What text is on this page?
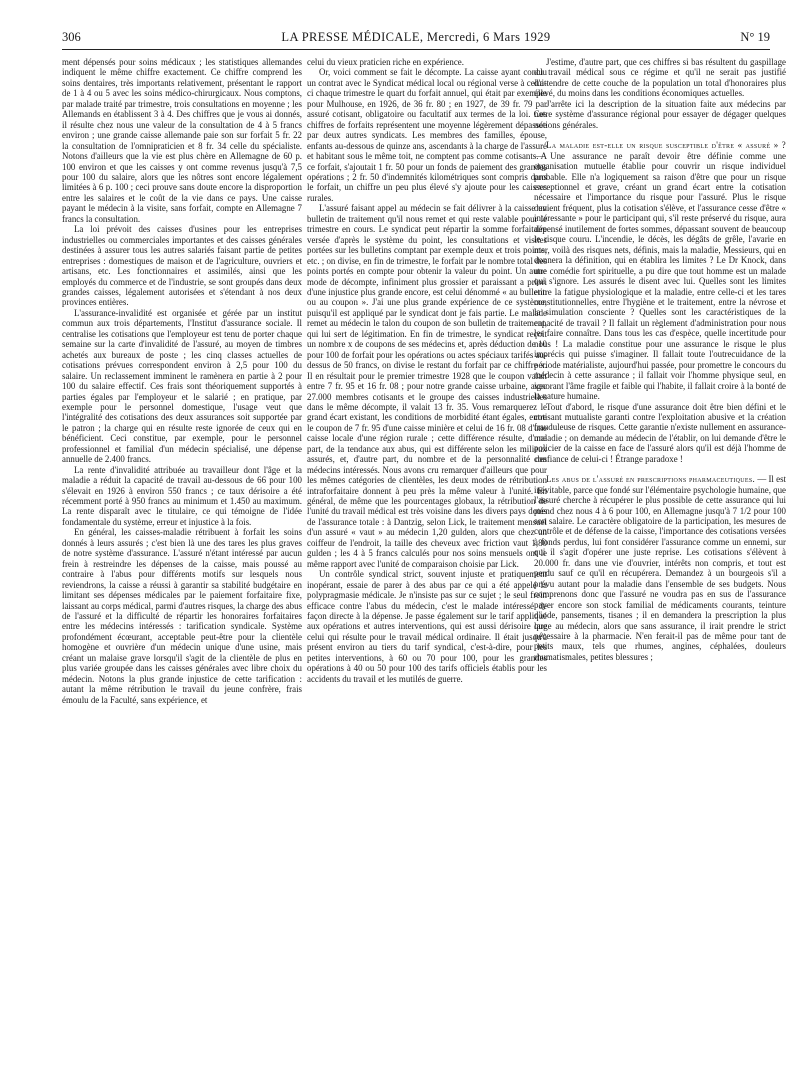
306	LA PRESSE MÉDICALE, Mercredi, 6 Mars 1929	N° 19

ment dépensés pour soins médicaux ; les statistiques allemandes indiquent le même chiffre exactement. Ce chiffre comprend les soins dentaires, très importants relativement, présentant le rapport de 1 à 4 ou 5 avec les soins médico-chirurgicaux. Nous comptons, par malade traité par trimestre, trois consultations en moyenne ; les Allemands en établissent 3 à 4. Des chiffres que je vous ai donnés, il résulte chez nous une valeur de la consultation de 4 à 5 francs environ ; une grande caisse allemande paie son sur forfait 5 fr. 22 la consultation de l'omnipraticien et 8 fr. 34 celle du spécialiste. Notons d'ailleurs que la vie est plus chère en Allemagne de 60 p. 100 environ et que les caisses y ont comme revenus jusqu'à 7,5 pour 100 du salaire, alors que les nôtres sont encore légalement limitées à 6 p. 100 ; ceci prouve sans doute encore la disproportion entre les salaires et le coût de la vie dans ce pays. Une caisse payant le médecin à la visite, sans forfait, compte en Allemagne 7 francs la consultation.

La loi prévoit des caisses d'usines pour les entreprises industrielles ou commerciales importantes et des caisses générales destinées à assurer tous les autres salariés faisant partie de petites entreprises : domestiques de maison et de l'agriculture, ouvriers et artisans, etc. Les fonctionnaires et assimilés, ainsi que les employés du commerce et de l'industrie, se sont groupés dans deux grandes caisses, légalement autorisées et s'étendant à nos deux provinces entières.

L'assurance-invalidité est organisée et gérée par un institut commun aux trois départements, l'Institut d'assurance sociale. Il centralise les cotisations que l'employeur est tenu de porter chaque semaine sur la carte d'invalidité de l'assuré, au moyen de timbres achetés aux bureaux de poste ; les cinq classes actuelles de cotisations prévues correspondent environ à 2,5 pour 100 du salaire. Un reclassement imminent le ramènera en partie à 2 pour 100 du salaire effectif. Ces frais sont théoriquement supportés à parties égales par l'employeur et le salarié ; en pratique, par exemple pour le personnel domestique, l'usage veut que l'intégralité des cotisations des deux assurances soit supportée par le patron ; la charge qui en résulte reste ignorée de ceux qui en bénéficient. Ceci constitue, par exemple, pour le personnel professionnel et familial d'un médecin spécialisé, une dépense annuelle de 2.400 francs.

La rente d'invalidité attribuée au travailleur dont l'âge et la maladie a réduit la capacité de travail au-dessous de 66 pour 100 s'élevait en 1926 à environ 550 francs ; ce taux dérisoire a été récemment porté à 950 francs au minimum et 1.450 au maximum. La rente disparaît avec le titulaire, ce qui témoigne de l'idée fondamentale du système, erreur et injustice à la fois.

En général, les caisses-maladie rétribuent à forfait les soins donnés à leurs assurés ; c'est bien là une des tares les plus graves de notre système d'assurance. L'assuré n'étant intéressé par aucun frein à restreindre les dépenses de la caisse, mais poussé au contraire à l'abus pour différents motifs sur lesquels nous reviendrons, la caisse a réussi à garantir sa stabilité budgétaire en limitant ses dépenses médicales par le paiement forfaitaire fixe, laissant au corps médical, parmi d'autres risques, la charge des abus de l'assuré et la difficulté de répartir les honoraires forfaitaires entre les médecins intéressés : tarification syndicale. Système profondément écœurant, acceptable peut-être pour la clientèle homogène et ouvrière d'un médecin unique d'une usine, mais créant un malaise grave lorsqu'il s'agit de la clientèle de plus en plus variée groupée dans les caisses générales avec libre choix du médecin. Notons la plus grande injustice de cette tarification : autant la même rétribution le travail du jeune confrère, frais émoulu de la Faculté, sans expérience, et

celui du vieux praticien riche en expérience.

Or, voici comment se fait le décompte. La caisse ayant conclu un contrat avec le Syndicat médical local ou régional verse à celui-ci chaque trimestre le quart du forfait annuel, qui était par exemple pour Mulhouse, en 1926, de 36 fr. 80 ; en 1927, de 39 fr. 79 par assuré cotisant, obligatoire ou facultatif aux termes de la loi. Ces chiffres de forfaits représentent une moyenne légèrement dépassée par deux autres syndicats. Les membres des familles, épouse, enfants au-dessous de quinze ans, ascendants à la charge de l'assuré et habitant sous le même toit, ne comptent pas comme cotisants. A ce forfait, s'ajoutait 1 fr. 50 pour un fonds de paiement des grandes opérations ; 2 fr. 50 d'indemnités kilométriques sont compris dans le forfait, un chiffre un peu plus élevé s'y ajoute pour les caisses rurales.

L'assuré faisant appel au médecin se fait délivrer à la caisse un bulletin de traitement qu'il nous remet et qui reste valable pour le trimestre en cours. Le syndicat peut répartir la somme forfaitaire versée d'après le système du point, les consultations et visites portées sur les bulletins comptant par exemple deux et trois points, etc. ; on divise, en fin de trimestre, le forfait par le nombre total des points portés en compte pour obtenir la valeur du point. Un autre mode de décompte, infiniment plus grossier et paraissant a priori d'une injustice plus grande encore, est celui dénommé « au bulletin ou au coupon ». J'ai une plus grande expérience de ce système, puisqu'il est appliqué par le syndicat dont je fais partie. Le malade remet au médecin le talon du coupon de son bulletin de traitement, qui lui sert de légitimation. En fin de trimestre, le syndicat reçoit un nombre x de coupons de ses médecins et, après déduction de 10 pour 100 de forfait pour les opérations ou actes spéciaux tarifés au-dessus de 50 francs, on divise le restant du forfait par ce chiffre x. Il en résultait pour le premier trimestre 1928 que le coupon valait entre 7 fr. 95 et 16 fr. 08 ; pour notre grande caisse urbaine, avec 27.000 membres cotisants et le groupe des caisses industrielles dans le même décompte, il valait 13 fr. 35. Vous remarquerez le grand écart existant, les conditions de morbidité étant égales, entre le coupon de 7 fr. 95 d'une caisse minière et celui de 16 fr. 08 d'une caisse locale d'une région rurale ; cette différence résulte, d'une part, de la tendance aux abus, qui est différente selon les milieux assurés, et, d'autre part, du nombre et de la personnalité des médecins intéressés. Nous avons cru remarquer d'ailleurs que pour les mêmes catégories de clientèles, les deux modes de rétribution intraforfaitaire donnent à peu près la même valeur à l'unité. En général, de même que les pourcentages globaux, la rétribution de l'unité du travail médical est très voisine dans les divers pays dotés de l'assurance totale : à Dantzig, selon Lick, le traitement mensuel d'un assuré « vaut » au médecin 1,20 gulden, alors que chez un coiffeur de l'endroit, la taille des cheveux avec friction vaut 1,80 gulden ; les 4 à 5 francs calculés pour nos soins mensuels ont le même rapport avec l'unité de comparaison choisie par Lick.

Un contrôle syndical strict, souvent injuste et pratiquement inopérant, essaie de parer à des abus par ce qui a été appelé la polypragmasie médicale. Je n'insiste pas sur ce sujet ; le seul frein efficace contre l'abus du médecin, c'est le malade intéressé de façon directe à la dépense. Je passe également sur le tarif appliqué aux opérations et autres interventions, qui est aussi dérisoire que celui qui résulte pour le travail médical ordinaire. Il était jusqu'à présent environ au tiers du tarif syndical, c'est-à-dire, pour les petites interventions, à 60 ou 70 pour 100, pour les grandes opérations à 40 ou 50 pour 100 des tarifs officiels établis pour les accidents du travail et les mutilés de guerre.

J'estime, d'autre part, que ces chiffres si bas résultent du gaspillage du travail médical sous ce régime et qu'il ne serait pas justifié d'attendre de cette couche de la population un total d'honoraires plus élevé, du moins dans les conditions économiques actuelles.

J'arrête ici la description de la situation faite aux médecins par notre système d'assurance régional pour essayer de dégager quelques notions générales.

La maladie est-elle un risque susceptible d'être « assuré » ? — Une assurance ne paraît devoir être définie comme une organisation mutuelle établie pour couvrir un risque individuel probable. Elle n'a logiquement sa raison d'être que pour un risque exceptionnel et grave, créant un grand écart entre la cotisation nécessaire et l'importance du risque pour l'assuré. Plus le risque devient fréquent, plus la cotisation s'élève, et l'assurance cesse d'être « intéressante » pour le participant qui, s'il reste préservé du risque, aura dépensé inutilement de fortes sommes, dépassant souvent de beaucoup le risque couru. L'incendie, le décès, les dégâts de grêle, l'avarie en mer, voilà des risques nets, définis, mais la maladie, Messieurs, qui en donnera la définition, qui en établira les limites ? Le Dr Knock, dans une comédie fort spirituelle, a pu dire que tout homme est un malade qui s'ignore. Les assurés le disent avec lui. Quelles sont les limites entre la fatigue physiologique et la maladie, entre celle-ci et les tares constitutionnelles, entre l'hygiène et le traitement, entre la névrose et la simulation consciente ? Quelles sont les caractéristiques de la capacité de travail ? Il fallait un règlement d'administration pour nous les faire connaître. Dans tous les cas d'espèce, quelle incertitude pour nous ! La maladie constitue pour une assurance le risque le plus imprécis qui puisse s'imaginer. Il fallait toute l'outrecuidance de la période matérialiste, aujourd'hui passée, pour promettre le concours du médecin à cette assurance ; il fallait voir l'homme physique seul, en ignorant l'âme fragile et faible qui l'habite, il fallait croire à la bonté de la nature humaine.

Tout d'abord, le risque d'une assurance doit être bien défini et le cotisant mutualiste garanti contre l'exploitation abusive et la création frauduleuse de risques. Cette garantie n'existe nullement en assurance-maladie ; on demande au médecin de l'établir, on lui demande d'être le policier de la caisse en face de l'assuré alors qu'il est déjà l'homme de confiance de celui-ci ! Étrange paradoxe !

Les abus de l'assuré en prescriptions pharmaceutiques. — Il est inévitable, parce que fondé sur l'élémentaire psychologie humaine, que l'assuré cherche à récupérer le plus possible de cette assurance qui lui prend chez nous 4 à 6 pour 100, en Allemagne jusqu'à 7 1/2 pour 100 son salaire. Le caractère obligatoire de la participation, les mesures de contrôle et de défense de la caisse, l'importance des cotisations versées à fonds perdus, lui font considérer l'assurance comme un ennemi, sur qui il s'agit d'opérer une juste reprise. Les cotisations s'élèvent à 20.000 fr. dans une vie d'ouvrier, intérêts non compris, et tout est perdu sauf ce qu'il en récupérera. Demandez à un bourgeois s'il a prévu autant pour la maladie dans l'ensemble de ses budgets. Nous comprenons donc que l'assuré ne voudra pas en sus de l'assurance payer encore son stock familial de médicaments courants, teinture d'iode, pansements, tisanes ; il en demandera la prescription la plus large au médecin, alors que sans assurance, il irait prendre le strict nécessaire à la pharmacie. N'en ferait-il pas de même pour tant de petits maux, tels que rhumes, angines, céphalées, douleurs rhumatismales, petites blessures ;
